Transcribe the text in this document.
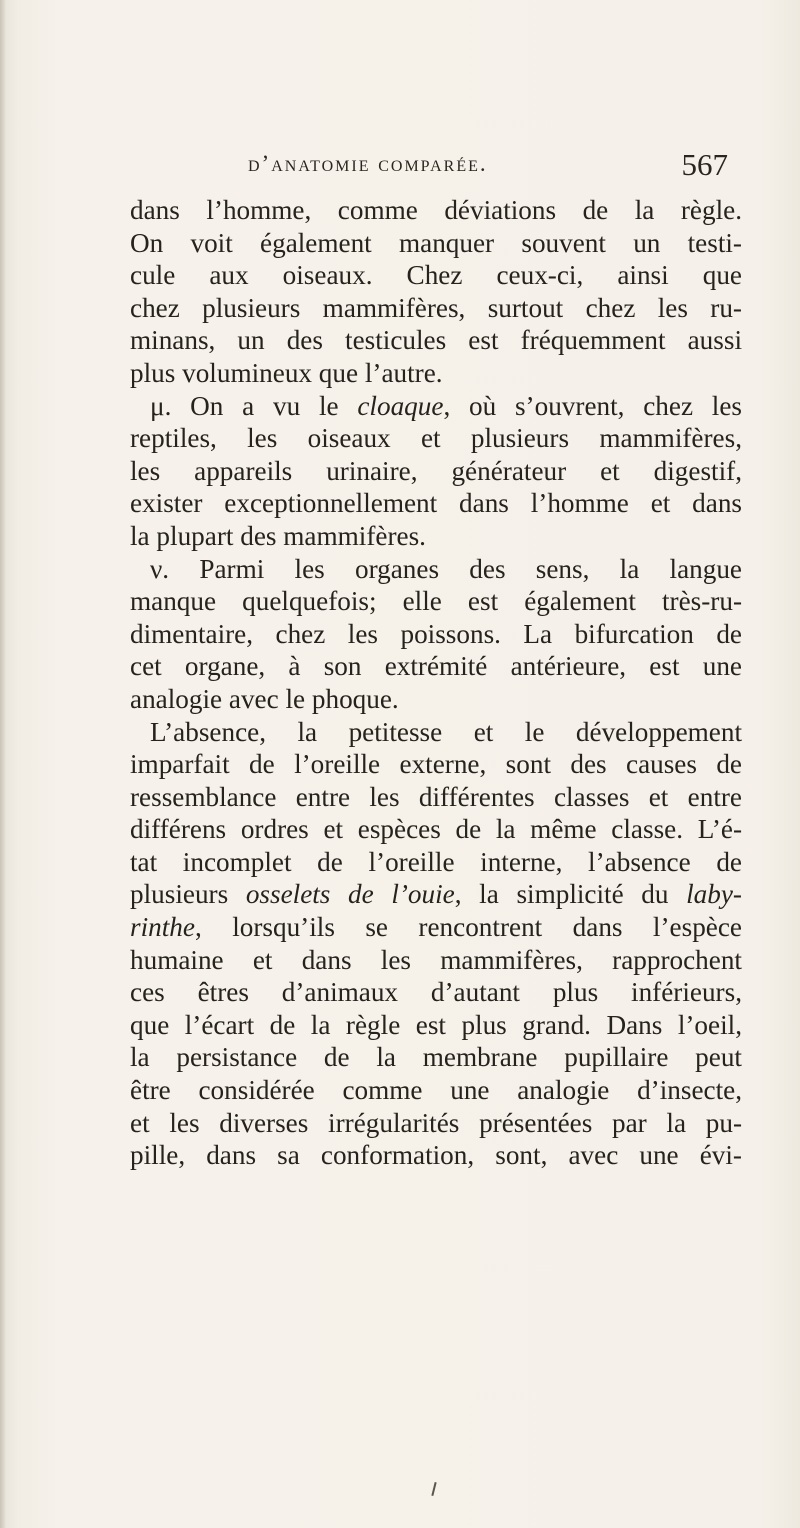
d’anatomie comparée.	567
dans l’homme, comme déviations de la règle.
On voit également manquer souvent un testi-
cule aux oiseaux. Chez ceux-ci, ainsi que
chez plusieurs mammifères, surtout chez les ru-
minans, un des testicules est fréquemment aussi
plus volumineux que l’autre.
μ. On a vu le cloaque, où s’ouvrent, chez les
reptiles, les oiseaux et plusieurs mammifères,
les appareils urinaire, générateur et digestif,
exister exceptionnellement dans l’homme et dans
la plupart des mammifères.
ν. Parmi les organes des sens, la langue
manque quelquefois; elle est également très-ru-
dimentaire, chez les poissons. La bifurcation de
cet organe, à son extrémité antérieure, est une
analogie avec le phoque.
L’absence, la petitesse et le développement
imparfait de l’oreille externe, sont des causes de
ressemblance entre les différentes classes et entre
différens ordres et espèces de la même classe. L’é-
tat incomplet de l’oreille interne, l’absence de
plusieurs osselets de l’ouie, la simplicité du laby-
rinthe, lorsqu’ils se rencontrent dans l’espèce
humaine et dans les mammifères, rapprochent
ces êtres d’animaux d’autant plus inférieurs,
que l’écart de la règle est plus grand. Dans l’oeil,
la persistance de la membrane pupillaire peut
être considérée comme une analogie d’insecte,
et les diverses irrégularités présentées par la pu-
pille, dans sa conformation, sont, avec une évi-
